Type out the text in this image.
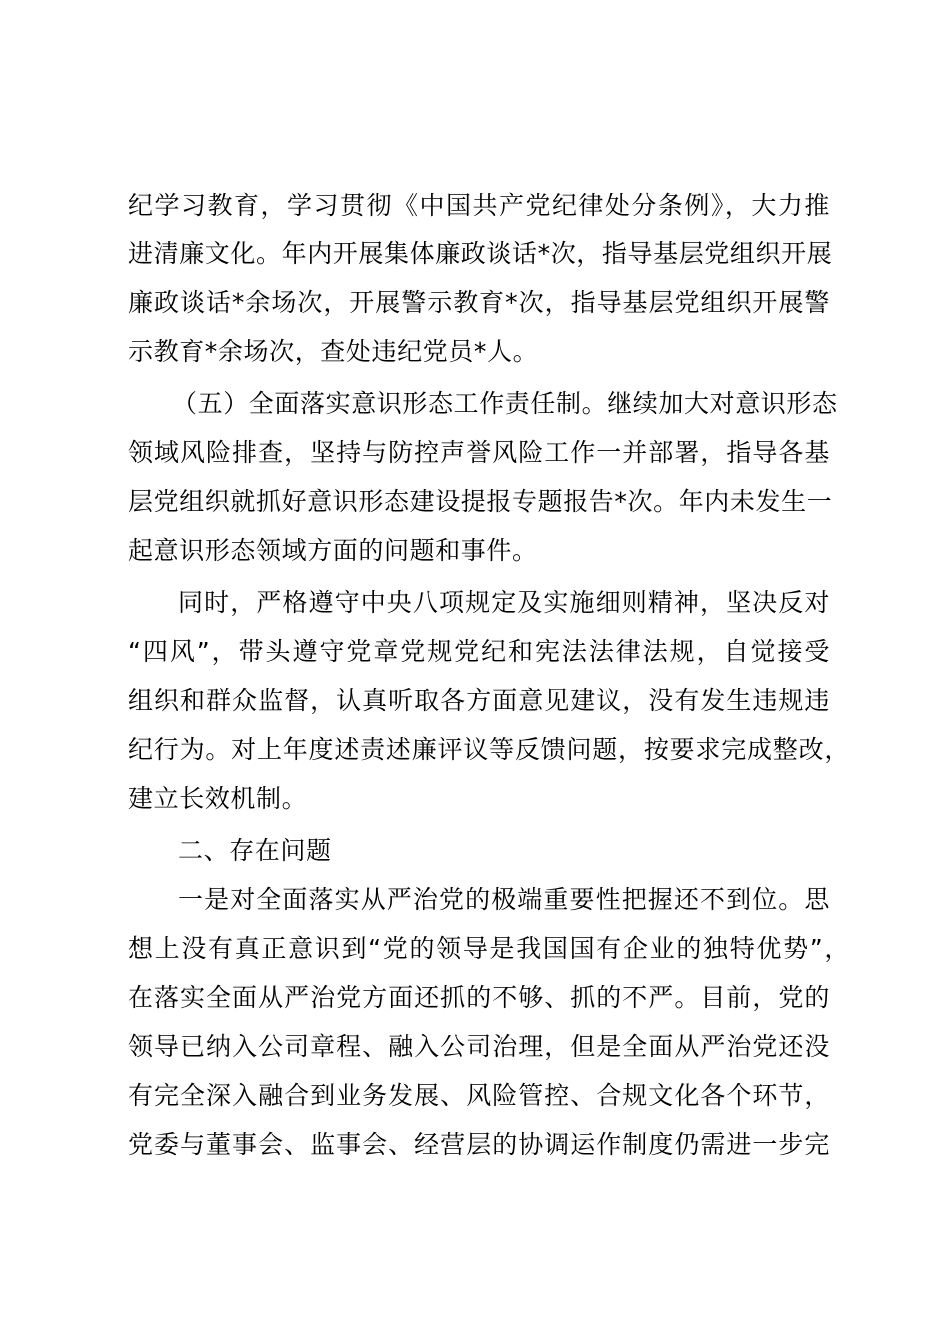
纪学习教育，学习贯彻《中国共产党纪律处分条例》，大力推
进清廉文化。年内开展集体廉政谈话*次，指导基层党组织开展
廉政谈话*余场次，开展警示教育*次，指导基层党组织开展警
示教育*余场次，查处违纪党员*人。
（五）全面落实意识形态工作责任制。继续加大对意识形态
领域风险排查，坚持与防控声誉风险工作一并部署，指导各基
层党组织就抓好意识形态建设提报专题报告*次。年内未发生一
起意识形态领域方面的问题和事件。
同时，严格遵守中央八项规定及实施细则精神，坚决反对
“四风”，带头遵守党章党规党纪和宪法法律法规，自觉接受
组织和群众监督，认真听取各方面意见建议，没有发生违规违
纪行为。对上年度述责述廉评议等反馈问题，按要求完成整改，
建立长效机制。
二、存在问题
一是对全面落实从严治党的极端重要性把握还不到位。思
想上没有真正意识到“党的领导是我国国有企业的独特优势”，
在落实全面从严治党方面还抓的不够、抓的不严。目前，党的
领导已纳入公司章程、融入公司治理，但是全面从严治党还没
有完全深入融合到业务发展、风险管控、合规文化各个环节，
党委与董事会、监事会、经营层的协调运作制度仍需进一步完
